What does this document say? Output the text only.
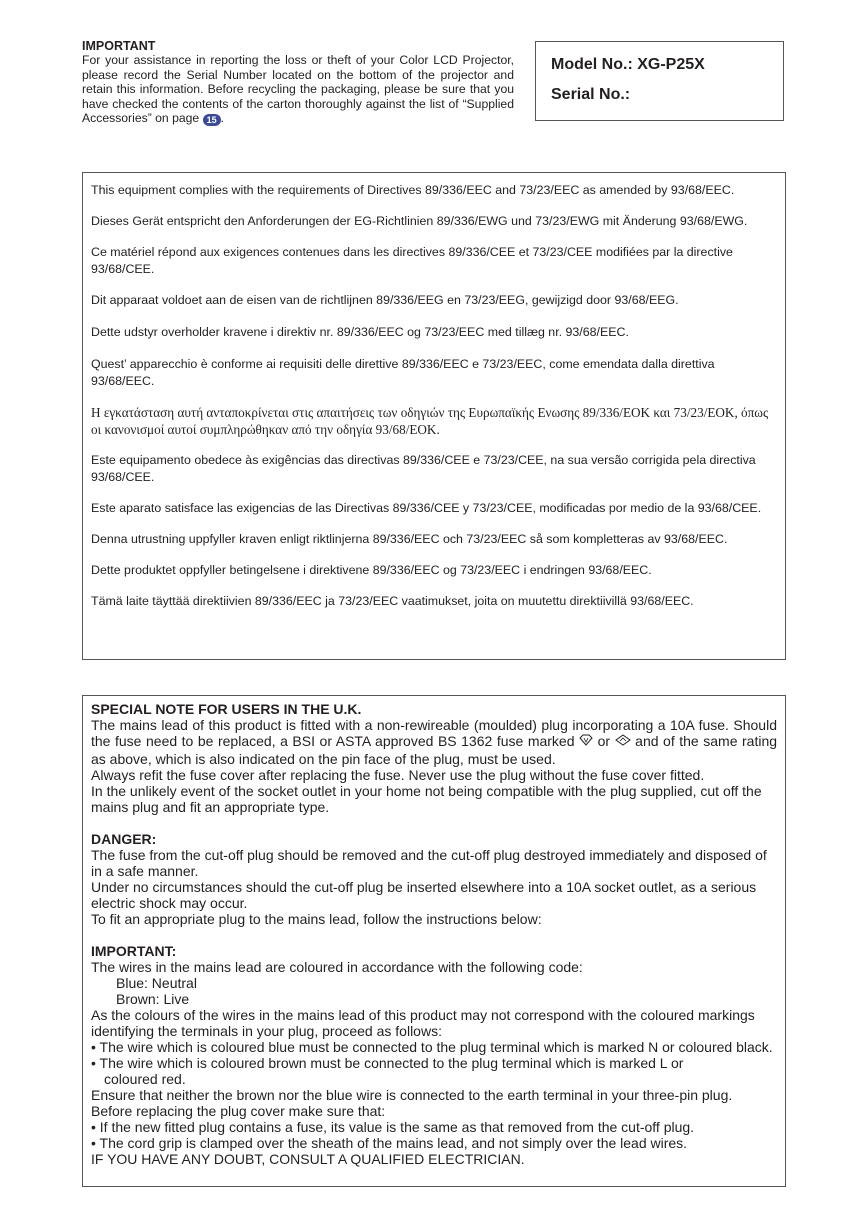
IMPORTANT
For your assistance in reporting the loss or theft of your Color LCD Projector, please record the Serial Number located on the bottom of the projector and retain this information. Before recycling the packaging, please be sure that you have checked the contents of the carton thoroughly against the list of “Supplied Accessories” on page 15 .
Model No.: XG-P25X
Serial No.:

This equipment complies with the requirements of Directives 89/336/EEC and 73/23/EEC as amended by 93/68/EEC.

Dieses Gerät entspricht den Anforderungen der EG-Richtlinien 89/336/EWG und 73/23/EWG mit Änderung 93/68/EWG.

Ce matériel répond aux exigences contenues dans les directives 89/336/CEE et 73/23/CEE modifiées par la directive 93/68/CEE.

Dit apparaat voldoet aan de eisen van de richtlijnen 89/336/EEG en 73/23/EEG, gewijzigd door 93/68/EEG.

Dette udstyr overholder kravene i direktiv nr. 89/336/EEC og 73/23/EEC med tillæg nr. 93/68/EEC.

Quest’ apparecchio è conforme ai requisiti delle direttive 89/336/EEC e 73/23/EEC, come emendata dalla direttiva 93/68/EEC.

Η εγκατάσταση αυτή ανταποκρίνεται στις απαιτήσεις των οδηγιών της Ευρωπαϊκής Ενωσης 89/336/ΕΟΚ και 73/23/ΕΟΚ, όπως οι κανονισμοί αυτοί συμπληρώθηκαν από την οδηγία 93/68/ΕΟΚ.

Este equipamento obedece às exigências das directivas 89/336/CEE e 73/23/CEE, na sua versão corrigida pela directiva 93/68/CEE.

Este aparato satisface las exigencias de las Directivas 89/336/CEE y 73/23/CEE, modificadas por medio de la 93/68/CEE.

Denna utrustning uppfyller kraven enligt riktlinjerna 89/336/EEC och 73/23/EEC så som kompletteras av 93/68/EEC.

Dette produktet oppfyller betingelsene i direktivene 89/336/EEC og 73/23/EEC i endringen 93/68/EEC.

Tämä laite täyttää direktiivien 89/336/EEC ja 73/23/EEC vaatimukset, joita on muutettu direktiivillä 93/68/EEC.

SPECIAL NOTE FOR USERS IN THE U.K.
The mains lead of this product is fitted with a non-rewireable (moulded) plug incorporating a 10A fuse. Should the fuse need to be replaced, a BSI or ASTA approved BS 1362 fuse marked or and of the same rating as above, which is also indicated on the pin face of the plug, must be used.
Always refit the fuse cover after replacing the fuse. Never use the plug without the fuse cover fitted.
In the unlikely event of the socket outlet in your home not being compatible with the plug supplied, cut off the mains plug and fit an appropriate type.
DANGER:
The fuse from the cut-off plug should be removed and the cut-off plug destroyed immediately and disposed of in a safe manner.
Under no circumstances should the cut-off plug be inserted elsewhere into a 10A socket outlet, as a serious electric shock may occur.
To fit an appropriate plug to the mains lead, follow the instructions below:
IMPORTANT:
The wires in the mains lead are coloured in accordance with the following code:
Blue: Neutral
Brown: Live
As the colours of the wires in the mains lead of this product may not correspond with the coloured markings identifying the terminals in your plug, proceed as follows:
• The wire which is coloured blue must be connected to the plug terminal which is marked N or coloured black.
• The wire which is coloured brown must be connected to the plug terminal which is marked L or coloured red.
Ensure that neither the brown nor the blue wire is connected to the earth terminal in your three-pin plug.
Before replacing the plug cover make sure that:
• If the new fitted plug contains a fuse, its value is the same as that removed from the cut-off plug.
• The cord grip is clamped over the sheath of the mains lead, and not simply over the lead wires.
IF YOU HAVE ANY DOUBT, CONSULT A QUALIFIED ELECTRICIAN.
